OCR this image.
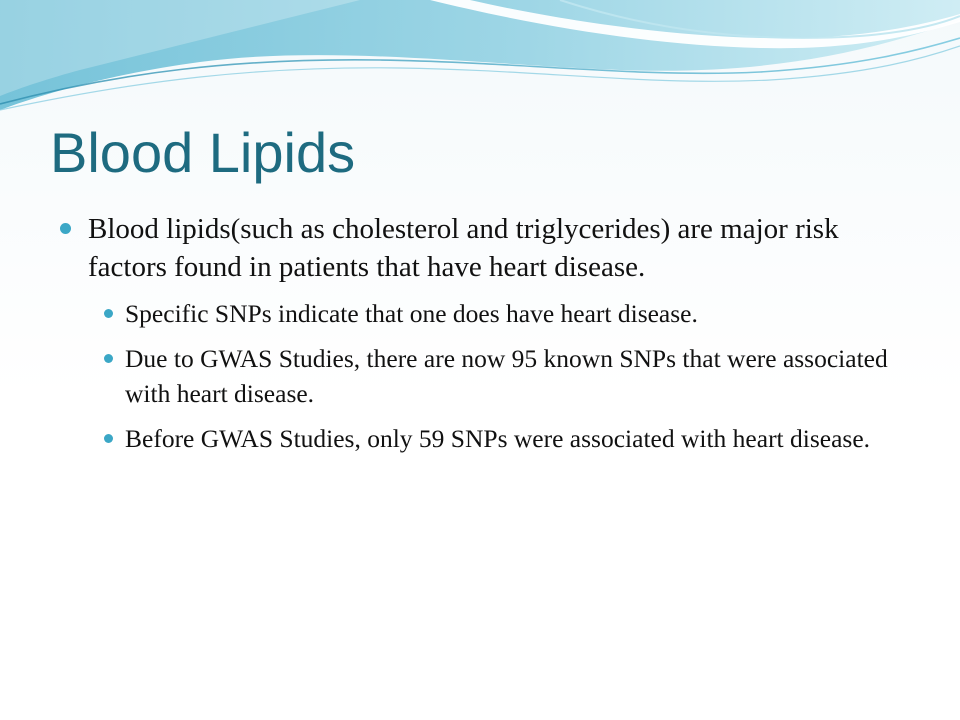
Blood Lipids
Blood lipids(such as cholesterol and triglycerides) are major risk factors found in patients that have heart disease.
Specific SNPs indicate that one does have heart disease.
Due to GWAS Studies, there are now 95 known SNPs that were associated with heart disease.
Before GWAS Studies, only 59 SNPs were associated with heart disease.
